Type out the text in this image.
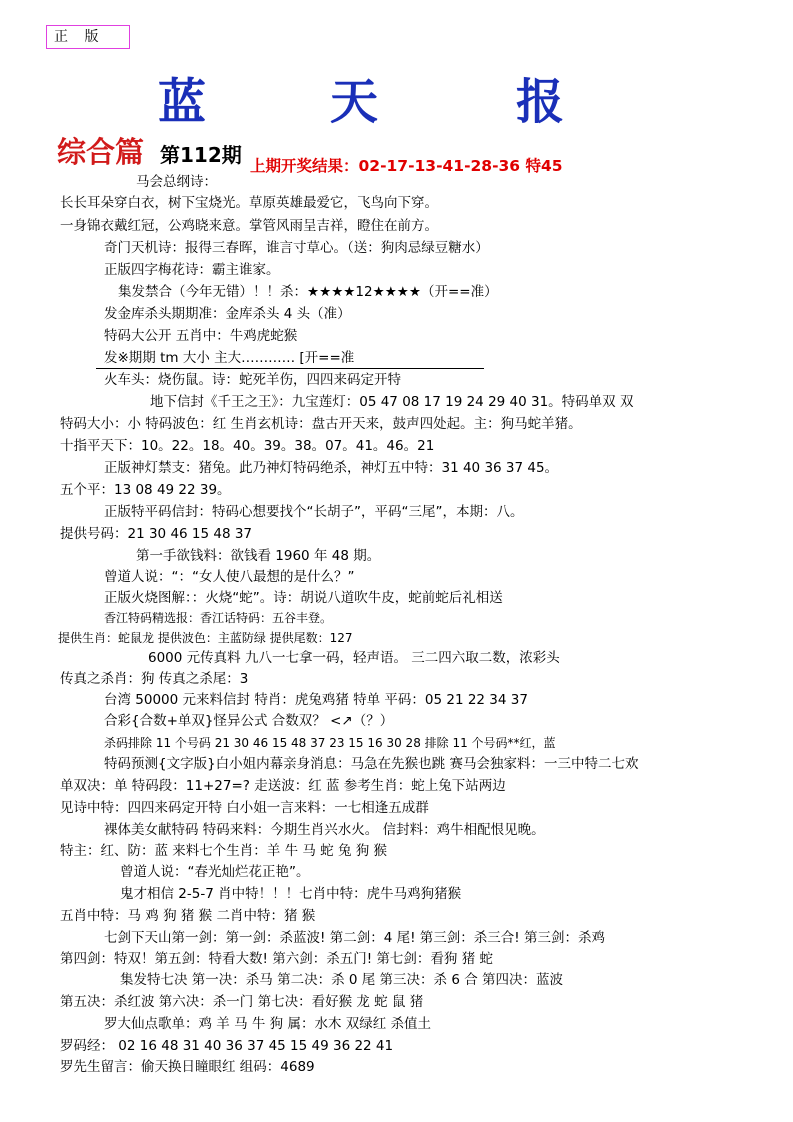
正 版
蓝	天	报
综合篇 第112期 上期开奖结果：02-17-13-41-28-36 特45
马会总纲诗：
长长耳朵穿白衣，树下宝烧光。草原英雄最爱它，飞鸟向下穿。
一身锦衣戴红冠，公鸡晓来意。掌管风雨呈吉祥，瞪住在前方。
奇门天机诗：报得三春晖，谁言寸草心。（送：狗肉忌绿豆糖水）
正版四字梅花诗：霸主谁家。
集发禁合（今年无错）！！杀：★★★★12★★★★（开==准）
发金库杀头期期准：金库杀头 4 头（准）
特码大公开 五肖中：牛鸡虎蛇猴
发※期期 tm 大小 主大………… [开==准
火车头：烧伤鼠。诗：蛇死羊伤，四四来码定开特
地下信封《千王之王》：九宝莲灯：05 47 08 17 19 24 29 40 31。特码单双 双
特码大小：小 特码波色：红 生肖玄机诗：盘古开天来，鼓声四处起。主：狗马蛇羊猪。
十指平天下：10。22。18。40。39。38。07。41。46。21
正版神灯禁支：猪兔。此乃神灯特码绝杀，神灯五中特：31 40 36 37 45。
五个平：13 08 49 22 39。
正版特平码信封：特码心想要找个“长胡子”，平码“三尾”，本期：八。
提供号码：21 30 46 15 48 37
第一手欲钱料：欲钱看 1960 年 48 期。
曾道人说：“：“女人使八最想的是什么？”
正版火烧图解：：火烧“蛇”。诗：胡说八道吹牛皮，蛇前蛇后礼相送
香江特码精选报：香江话特码：五谷丰登。
提供生肖：蛇鼠龙 提供波色：主蓝防绿 提供尾数：127
6000 元传真料 九八一七拿一码，轻声语。 三二四六取二数，浓彩头
传真之杀肖：狗 传真之杀尾：3
台湾 50000 元来料信封 特肖：虎兔鸡猪 特单 平码：05 21 22 34 37
合彩{合数+单双}怪异公式 合数双？ <↗（？）
杀码排除 11 个号码 21 30 46 15 48 37 23 15 16 30 28 排除 11 个号码**红，蓝
特码预测{文字版}白小姐内幕亲身消息：马急在先猴也跳 赛马会独家料：一三中特二七欢
单双决：单 特码段：11+27=? 走送波：红 蓝 参考生肖：蛇上兔下站两边
见诗中特：四四来码定开特 白小姐一言来料：一七相逢五成群
裸体美女献特码 特码来料：今期生肖兴水火。 信封料：鸡牛相配恨见晚。
特主：红、防：蓝 来料七个生肖：羊 牛 马 蛇 兔 狗 猴
曾道人说：“春光灿烂花正艳”。
鬼才相信 2-5-7 肖中特！！！七肖中特：虎牛马鸡狗猪猴
五肖中特：马 鸡 狗 猪 猴 二肖中特：猪 猴
七剑下天山第一剑：第一剑：杀蓝波! 第二剑：4 尾! 第三剑：杀三合! 第三剑：杀鸡
第四剑：特双！第五剑：特看大数! 第六剑：杀五门! 第七剑：看狗 猪 蛇
集发特七决 第一决：杀马 第二决：杀 0 尾 第三决：杀 6 合 第四决：蓝波
第五决：杀红波 第六决：杀一门 第七决：看好猴 龙 蛇 鼠 猪
罗大仙点歌单：鸡 羊 马 牛 狗 属：水木 双绿红 杀值土
罗码经： 02 16 48 31 40 36 37 45 15 49 36 22 41
罗先生留言：偷天换日瞳眼红 组码：4689
